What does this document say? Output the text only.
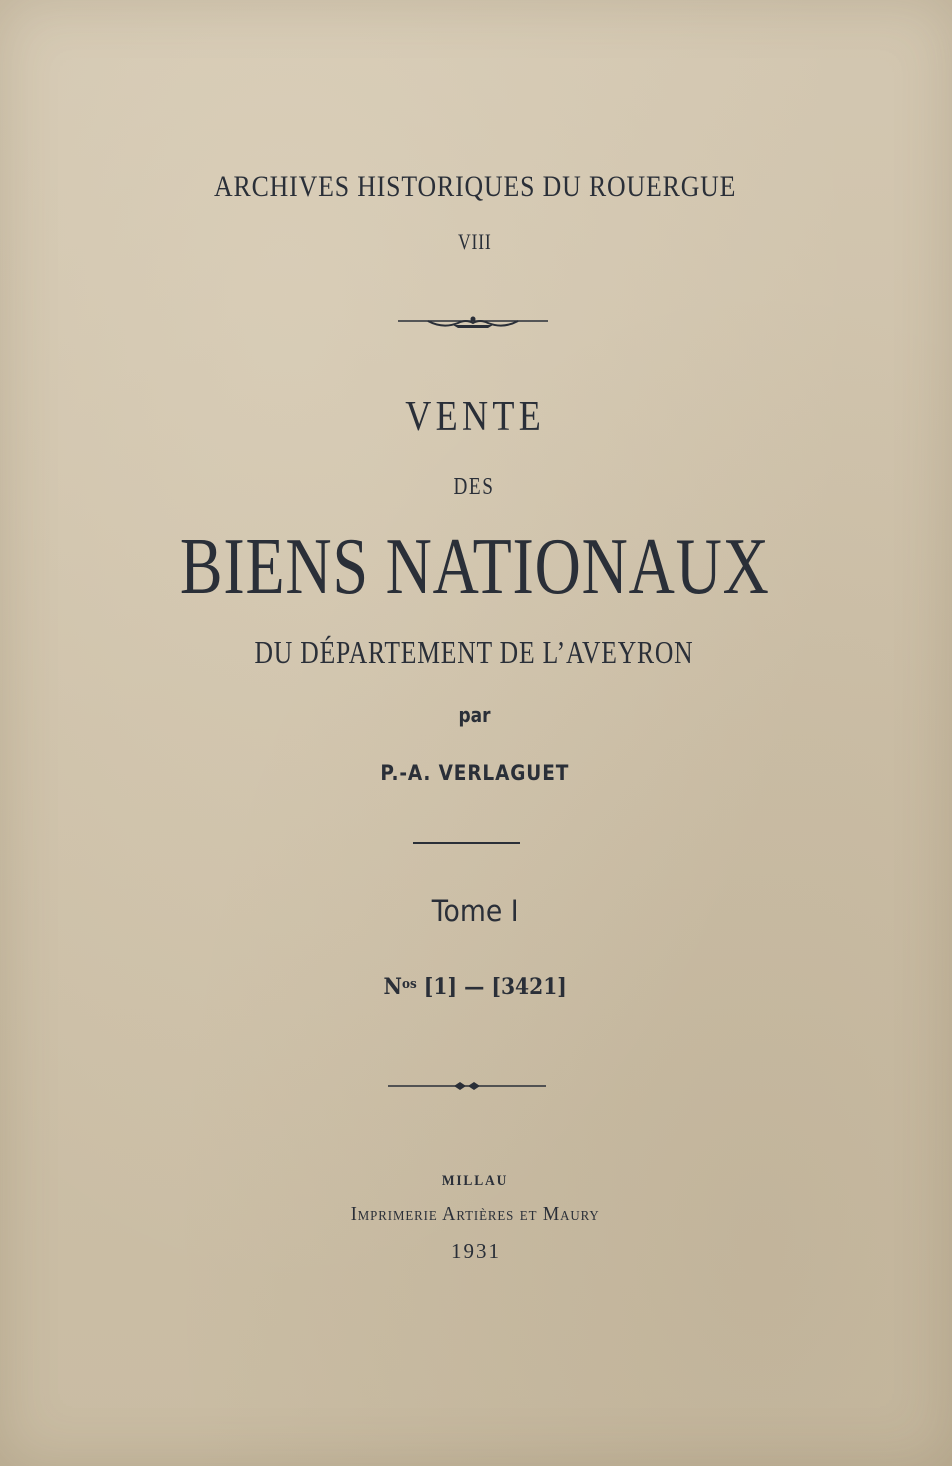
ARCHIVES HISTORIQUES DU ROUERGUE
VIII
VENTE
DES
BIENS NATIONAUX
DU DÉPARTEMENT DE L’AVEYRON
par
P.-A. VERLAGUET
Tome I
$N^{os}$ [1] — [3421]
MILLAU
Imprimerie Artières et Maury
1931
